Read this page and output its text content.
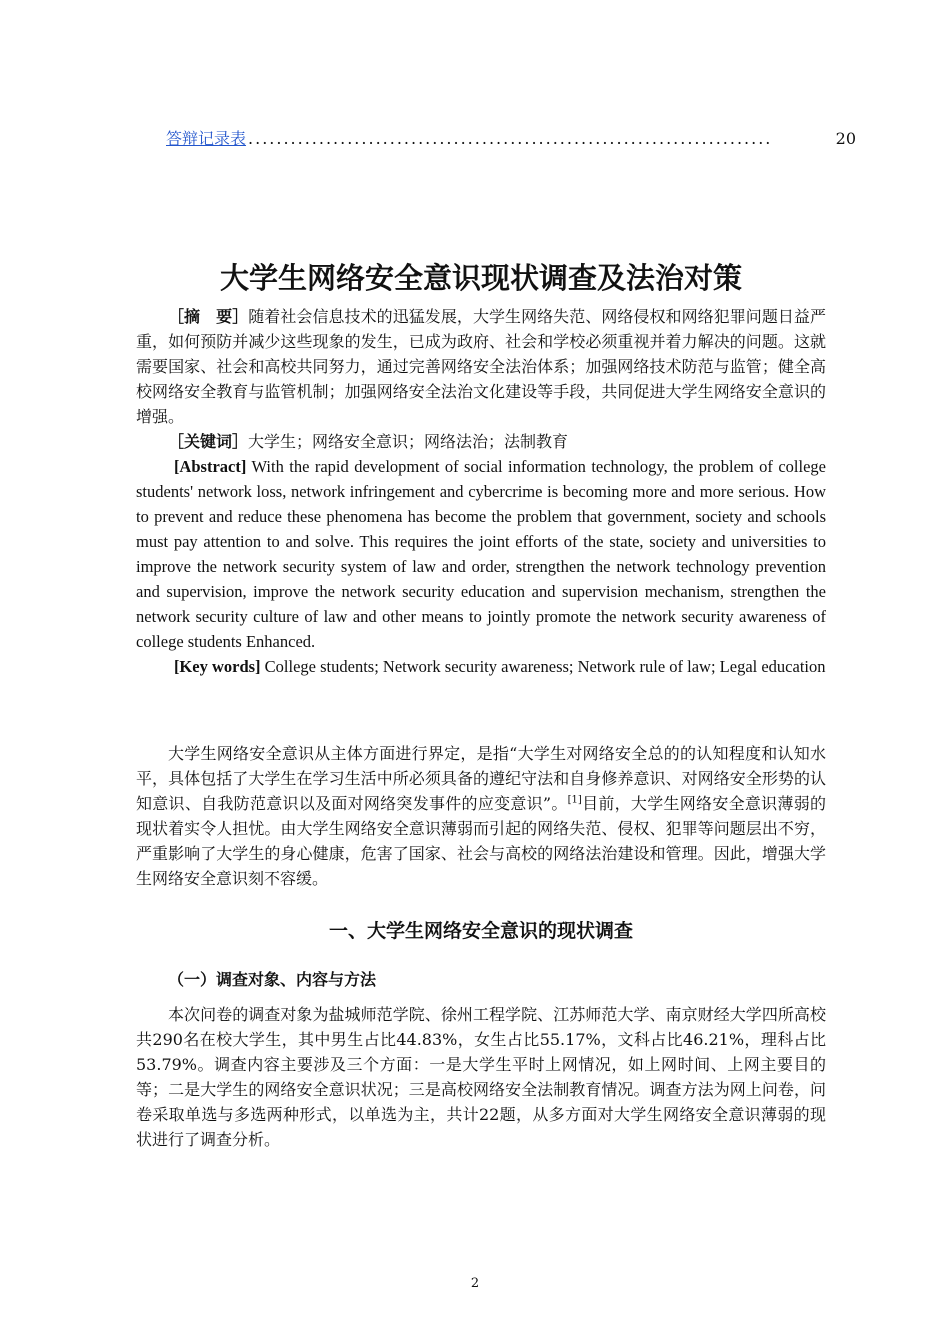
答辩记录表 ..........................................................................	20
大学生网络安全意识现状调查及法治对策

［摘　要］随着社会信息技术的迅猛发展，大学生网络失范、网络侵权和网络犯罪问题日益严重，如何预防并减少这些现象的发生，已成为政府、社会和学校必须重视并着力解决的问题。这就需要国家、社会和高校共同努力，通过完善网络安全法治体系；加强网络技术防范与监管；健全高校网络安全教育与监管机制；加强网络安全法治文化建设等手段，共同促进大学生网络安全意识的增强。

［关键词］大学生；网络安全意识；网络法治；法制教育

[Abstract] With the rapid development of social information technology, the problem of college students' network loss, network infringement and cybercrime is becoming more and more serious. How to prevent and reduce these phenomena has become the problem that government, society and schools must pay attention to and solve. This requires the joint efforts of the state, society and universities to improve the network security system of law and order, strengthen the network technology prevention and supervision, improve the network security education and supervision mechanism, strengthen the network security culture of law and other means to jointly promote the network security awareness of college students Enhanced.

[Key words] College students; Network security awareness; Network rule of law; Legal education

大学生网络安全意识从主体方面进行界定，是指“大学生对网络安全总的的认知程度和认知水平，具体包括了大学生在学习生活中所必须具备的遵纪守法和自身修养意识、对网络安全形势的认知意识、自我防范意识以及面对网络突发事件的应变意识”。[1]目前，大学生网络安全意识薄弱的现状着实令人担忧。由大学生网络安全意识薄弱而引起的网络失范、侵权、犯罪等问题层出不穷，严重影响了大学生的身心健康，危害了国家、社会与高校的网络法治建设和管理。因此，增强大学生网络安全意识刻不容缓。

一、大学生网络安全意识的现状调查
（一）调查对象、内容与方法

本次问卷的调查对象为盐城师范学院、徐州工程学院、江苏师范大学、南京财经大学四所高校共290名在校大学生，其中男生占比44.83%，女生占比55.17%，文科占比46.21%，理科占比53.79%。调查内容主要涉及三个方面：一是大学生平时上网情况，如上网时间、上网主要目的等；二是大学生的网络安全意识状况；三是高校网络安全法制教育情况。调查方法为网上问卷，问卷采取单选与多选两种形式，以单选为主，共计22题，从多方面对大学生网络安全意识薄弱的现状进行了调查分析。

2
